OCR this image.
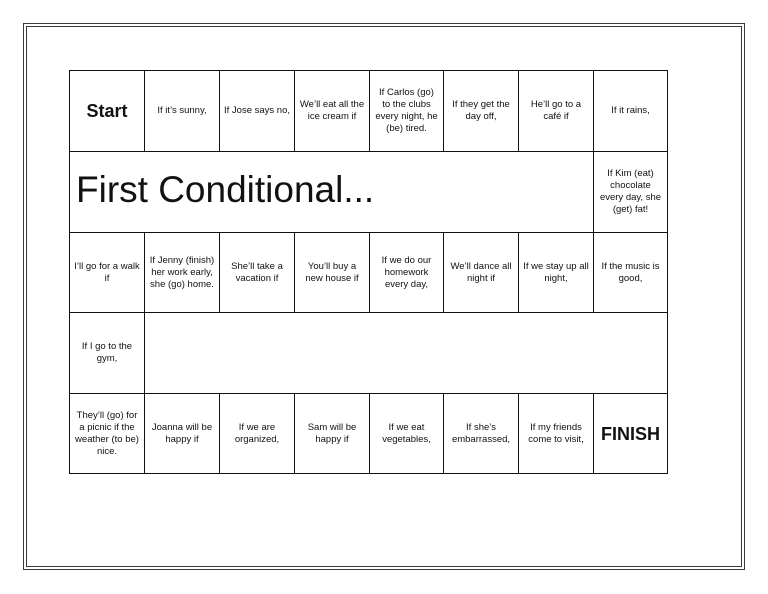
Start	If it’s sunny,	If Jose says no,
We’ll eat all the ice cream if
If Carlos (go) to the clubs every night, he (be) tired.
If they get the day off,
He’ll go to a café if
If it rains,
If Kim (eat) chocolate every day, she (get) fat!
I’ll go for a walk if
If Jenny (finish) her work early, she (go) home.
She’ll take a vacation if
You’ll buy a new house if
If we do our homework every day,
We’ll dance all night if
If we stay up all night,
If the music is good,
If I go to the gym,
They’ll (go) for a picnic if the weather (to be) nice.
Joanna will be happy if
If we are organized,
Sam will be happy if
If we eat vegetables,
If she’s embarrassed,
If my friends come to visit, FINISH
First Conditional...
